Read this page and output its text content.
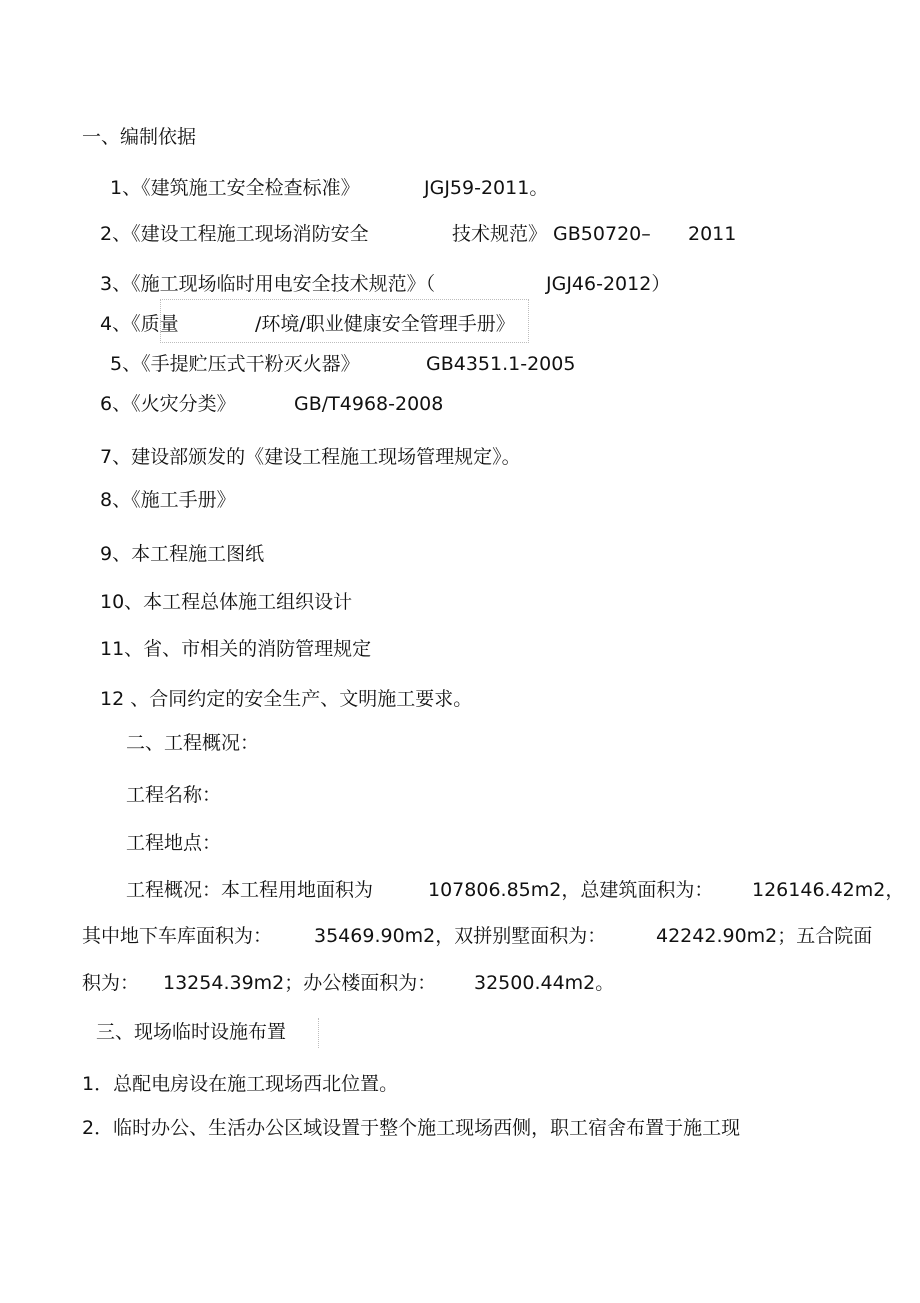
一、编制依据
1、《建筑施工安全检查标准》	JGJ59-2011。
2、《建设工程施工现场消防安全	技术规范》 GB50720– 2011
3、《施工现场临时用电安全技术规范》（	JGJ46-2012）
4、《质量	/环境/职业健康安全管理手册》
5、《手提贮压式干粉灭火器》	GB4351.1-2005
6、《火灾分类》	GB/T4968-2008
7、建设部颁发的《建设工程施工现场管理规定》。
8、《施工手册》
9、本工程施工图纸
10、本工程总体施工组织设计
11、省、市相关的消防管理规定
12 、合同约定的安全生产、文明施工要求。
二、工程概况：
工程名称：
工程地点：
工程概况：本工程用地面积为	107806.85m2，总建筑面积为： 126146.42m2，
其中地下车库面积为： 35469.90m2，双拼别墅面积为：	42242.90m2；五合院面
积为： 13254.39m2；办公楼面积为： 32500.44m2。
三、现场临时设施布置
1．总配电房设在施工现场西北位置。
2．临时办公、生活办公区域设置于整个施工现场西侧，职工宿舍布置于施工现
